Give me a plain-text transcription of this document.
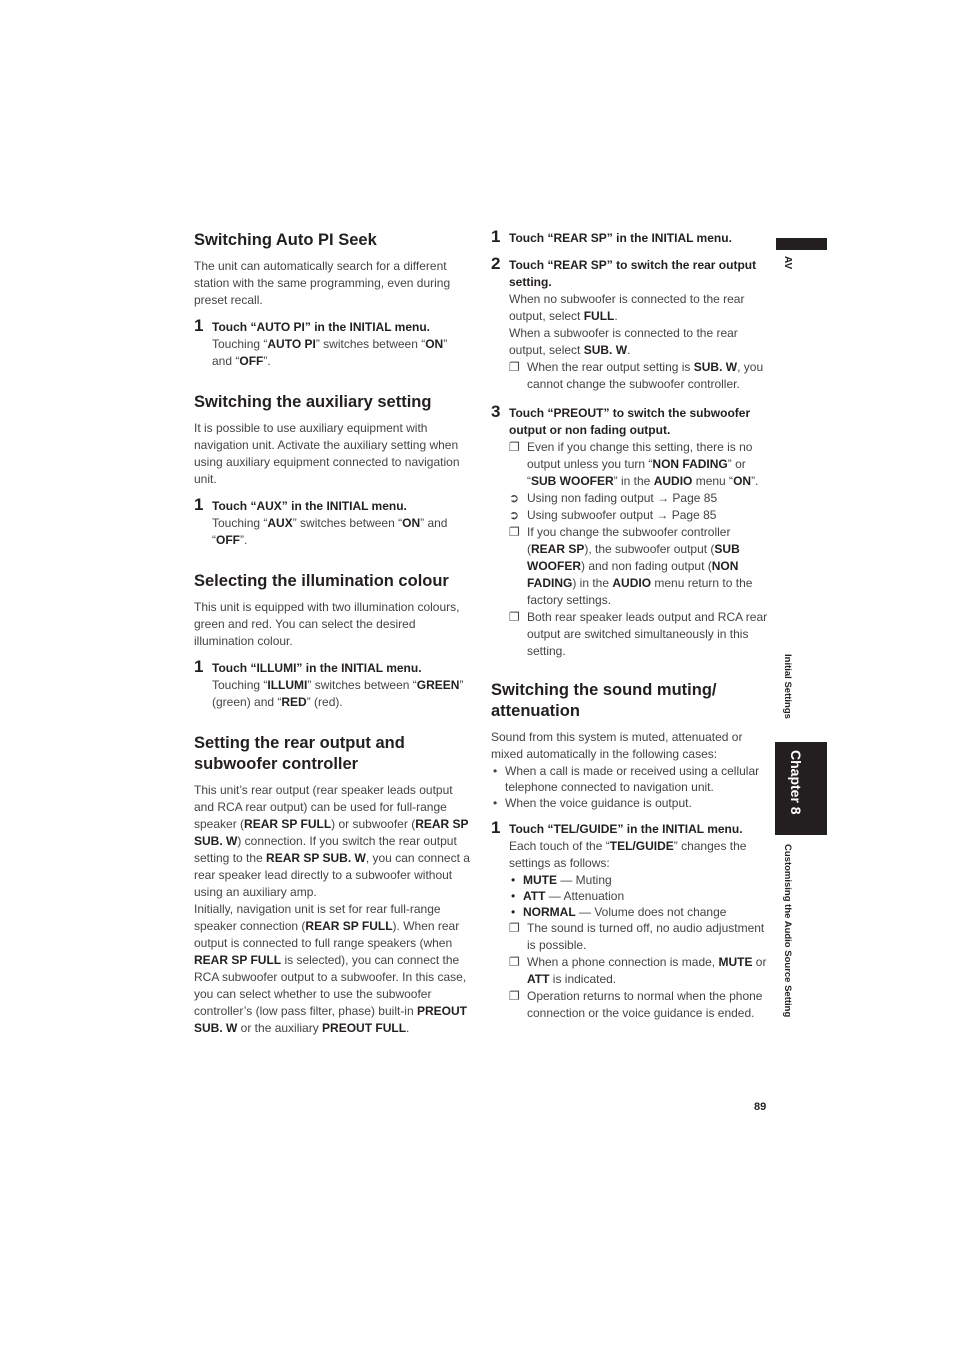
Switching Auto PI Seek

The unit can automatically search for a different station with the same programming, even during preset recall.

1 Touch “AUTO PI” in the INITIAL menu.
Touching “AUTO PI” switches between “ON” and “OFF”.
Switching the auxiliary setting

It is possible to use auxiliary equipment with navigation unit. Activate the auxiliary setting when using auxiliary equipment connected to navigation unit.

1 Touch “AUX” in the INITIAL menu.
Touching “AUX” switches between “ON” and “OFF”.
Selecting the illumination colour

This unit is equipped with two illumination colours, green and red. You can select the desired illumination colour.

1 Touch “ILLUMI” in the INITIAL menu.
Touching “ILLUMI” switches between “GREEN” (green) and “RED” (red).
Setting the rear output and subwoofer controller

This unit’s rear output (rear speaker leads output and RCA rear output) can be used for full-range speaker (REAR SP FULL) or subwoofer (REAR SP SUB. W) connection. If you switch the rear output setting to the REAR SP SUB. W, you can connect a rear speaker lead directly to a subwoofer without using an auxiliary amp.

Initially, navigation unit is set for rear full-range speaker connection (REAR SP FULL). When rear output is connected to full range speakers (when REAR SP FULL is selected), you can connect the RCA subwoofer output to a subwoofer. In this case, you can select whether to use the subwoofer controller’s (low pass filter, phase) built-in PREOUT SUB. W or the auxiliary PREOUT FULL.

1 Touch “REAR SP” in the INITIAL menu.
2 Touch “REAR SP” to switch the rear output setting.
When no subwoofer is connected to the rear output, select FULL.
When a subwoofer is connected to the rear output, select SUB. W.
❐ When the rear output setting is SUB. W, you cannot change the subwoofer controller.
3 Touch “PREOUT” to switch the subwoofer output or non fading output.
❐ Even if you change this setting, there is no output unless you turn “NON FADING” or “SUB WOOFER” in the AUDIO menu “ON”.
➲ Using non fading output → Page 85
➲ Using subwoofer output → Page 85
❐ If you change the subwoofer controller (REAR SP), the subwoofer output (SUB WOOFER) and non fading output (NON FADING) in the AUDIO menu return to the factory settings.
❐ Both rear speaker leads output and RCA rear output are switched simultaneously in this setting.
Switching the sound muting/ attenuation

Sound from this system is muted, attenuated or mixed automatically in the following cases:

• When a call is made or received using a cellular telephone connected to navigation unit.
• When the voice guidance is output.
1 Touch “TEL/GUIDE” in the INITIAL menu.
Each touch of the “TEL/GUIDE” changes the settings as follows:
• MUTE — Muting
• ATT — Attenuation
• NORMAL — Volume does not change
❐ The sound is turned off, no audio adjustment is possible.
❐ When a phone connection is made, MUTE or ATT is indicated.
❐ Operation returns to normal when the phone connection or the voice guidance is ended.
AV
Initial Settings
Chapter 8
Customising the Audio Source Setting
89
